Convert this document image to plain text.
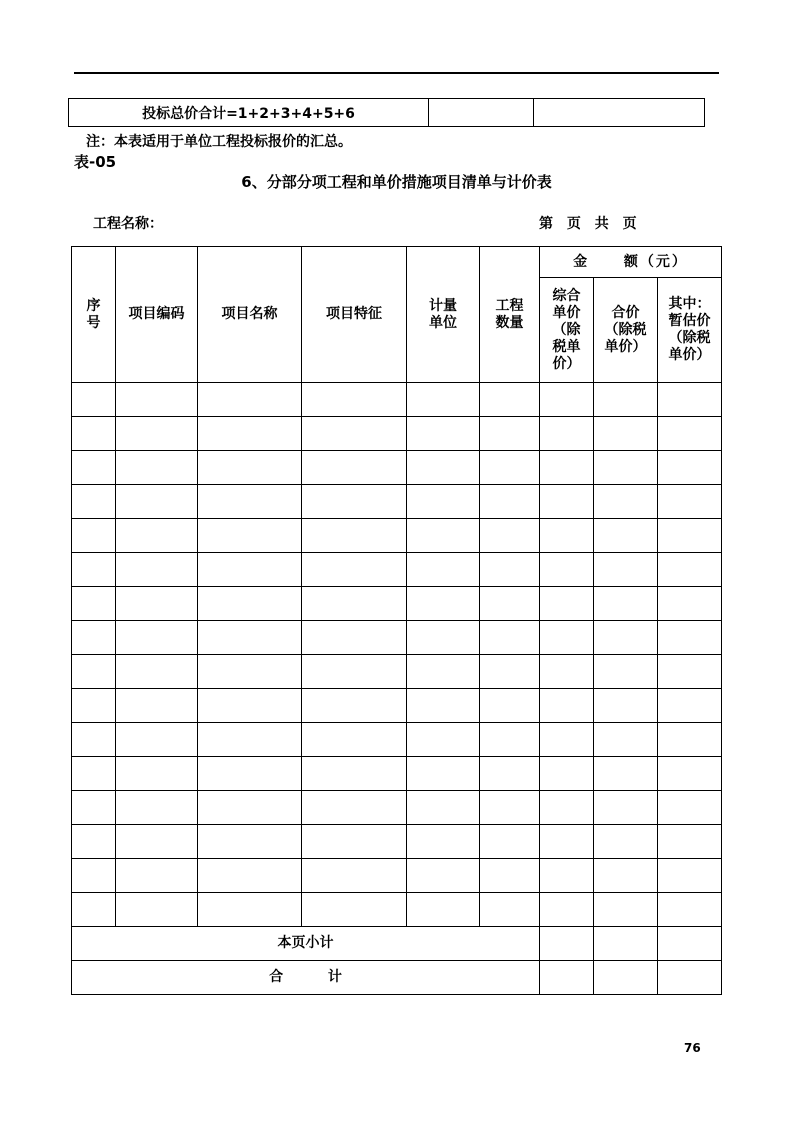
投标总价合计=1+2+3+4+5+6		
注：本表适用于单位工程投标报价的汇总。
表-05
6、分部分项工程和单价措施项目清单与计价表
工程名称：	第 页 共 页
序号	项目编码	项目名称	项目特征	计量单位	工程数量	金 额（元）		
						综合单价（除税单价）	合价（除税单价）	其中：暂估价（除税单价）

本页小计								
合 计								
76
